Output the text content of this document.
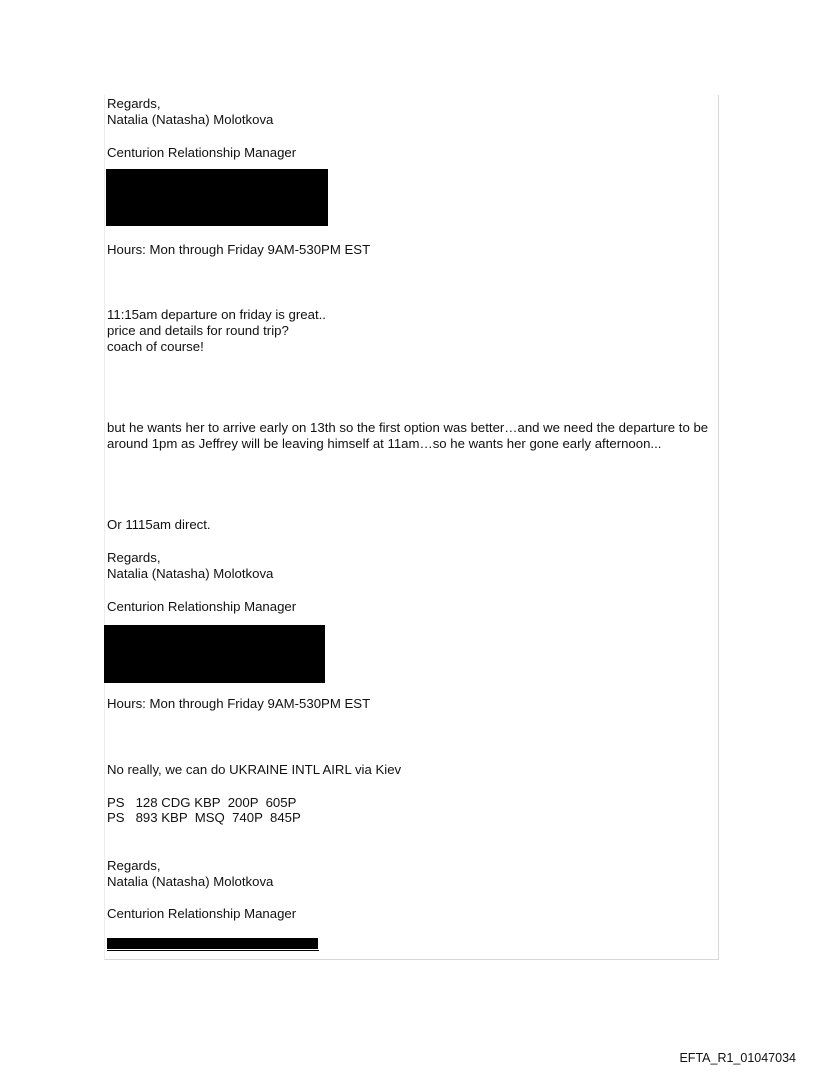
Regards,
Natalia (Natasha) Molotkova
Centurion Relationship Manager
Hours: Mon through Friday 9AM-530PM EST
11:15am departure on friday is great..
price and details for round trip?
coach of course!
but he wants her to arrive early on 13th so the first option was better…and we need the departure to be around 1pm as Jeffrey will be leaving himself at 11am…so he wants her gone early afternoon...
Or 1115am direct.
Regards,
Natalia (Natasha) Molotkova
Centurion Relationship Manager
Hours: Mon through Friday 9AM-530PM EST
No really, we can do UKRAINE INTL AIRL via Kiev
PS   128 CDG KBP  200P  605P
PS   893 KBP  MSQ  740P  845P
Regards,
Natalia (Natasha) Molotkova
Centurion Relationship Manager
EFTA_R1_01047034
